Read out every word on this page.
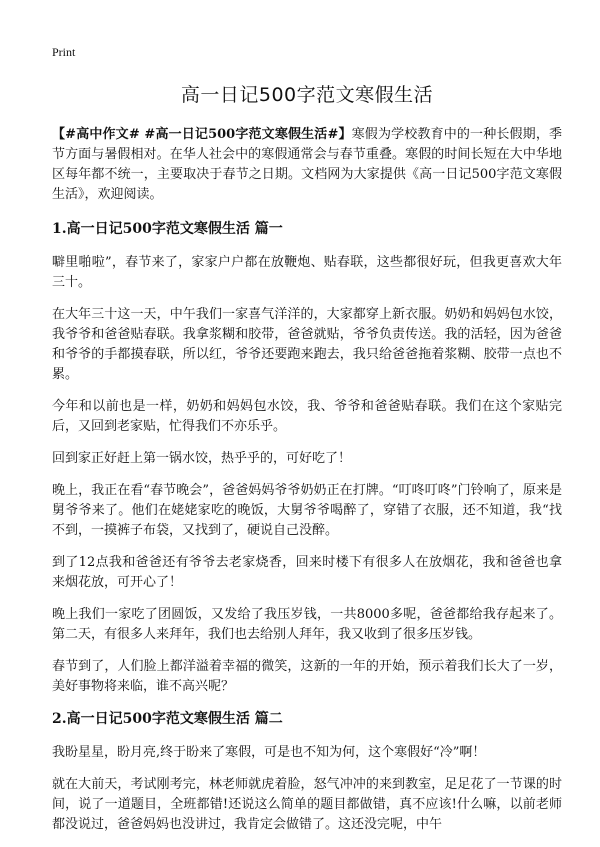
Print
高一日记500字范文寒假生活

【#高中作文# #高一日记500字范文寒假生活#】寒假为学校教育中的一种长假期，季节方面与暑假相对。在华人社会中的寒假通常会与春节重叠。寒假的时间长短在大中华地区每年都不统一，主要取决于春节之日期。文档网为大家提供《高一日记500字范文寒假生活》，欢迎阅读。

1.高一日记500字范文寒假生活 篇一

噼里啪啦”，春节来了，家家户户都在放鞭炮、贴春联，这些都很好玩，但我更喜欢大年三十。

在大年三十这一天，中午我们一家喜气洋洋的，大家都穿上新衣服。奶奶和妈妈包水饺，我爷爷和爸爸贴春联。我拿浆糊和胶带，爸爸就贴，爷爷负责传送。我的活轻，因为爸爸和爷爷的手都摸春联，所以红，爷爷还要跑来跑去，我只给爸爸拖着浆糊、胶带一点也不累。

今年和以前也是一样，奶奶和妈妈包水饺，我、爷爷和爸爸贴春联。我们在这个家贴完后，又回到老家贴，忙得我们不亦乐乎。

回到家正好赶上第一锅水饺，热乎乎的，可好吃了！

晚上，我正在看“春节晚会”，爸爸妈妈爷爷奶奶正在打牌。“叮咚叮咚”门铃响了，原来是舅爷爷来了。他们在姥姥家吃的晚饭，大舅爷爷喝醉了，穿错了衣服，还不知道，我“找不到，一摸裤子布袋，又找到了，硬说自己没醉。

到了12点我和爸爸还有爷爷去老家烧香，回来时楼下有很多人在放烟花，我和爸爸也拿来烟花放，可开心了！

晚上我们一家吃了团圆饭，又发给了我压岁钱，一共8000多呢，爸爸都给我存起来了。第二天，有很多人来拜年，我们也去给别人拜年，我又收到了很多压岁钱。

春节到了，人们脸上都洋溢着幸福的微笑，这新的一年的开始，预示着我们长大了一岁，美好事物将来临，谁不高兴呢？

2.高一日记500字范文寒假生活 篇二

我盼星星，盼月亮,终于盼来了寒假，可是也不知为何，这个寒假好“冷”啊！

就在大前天，考试刚考完，林老师就虎着脸，怒气冲冲的来到教室，足足花了一节课的时间，说了一道题目，全班都错!还说这么简单的题目都做错，真不应该!什么嘛，以前老师都没说过，爸爸妈妈也没讲过，我肯定会做错了。这还没完呢，中午
